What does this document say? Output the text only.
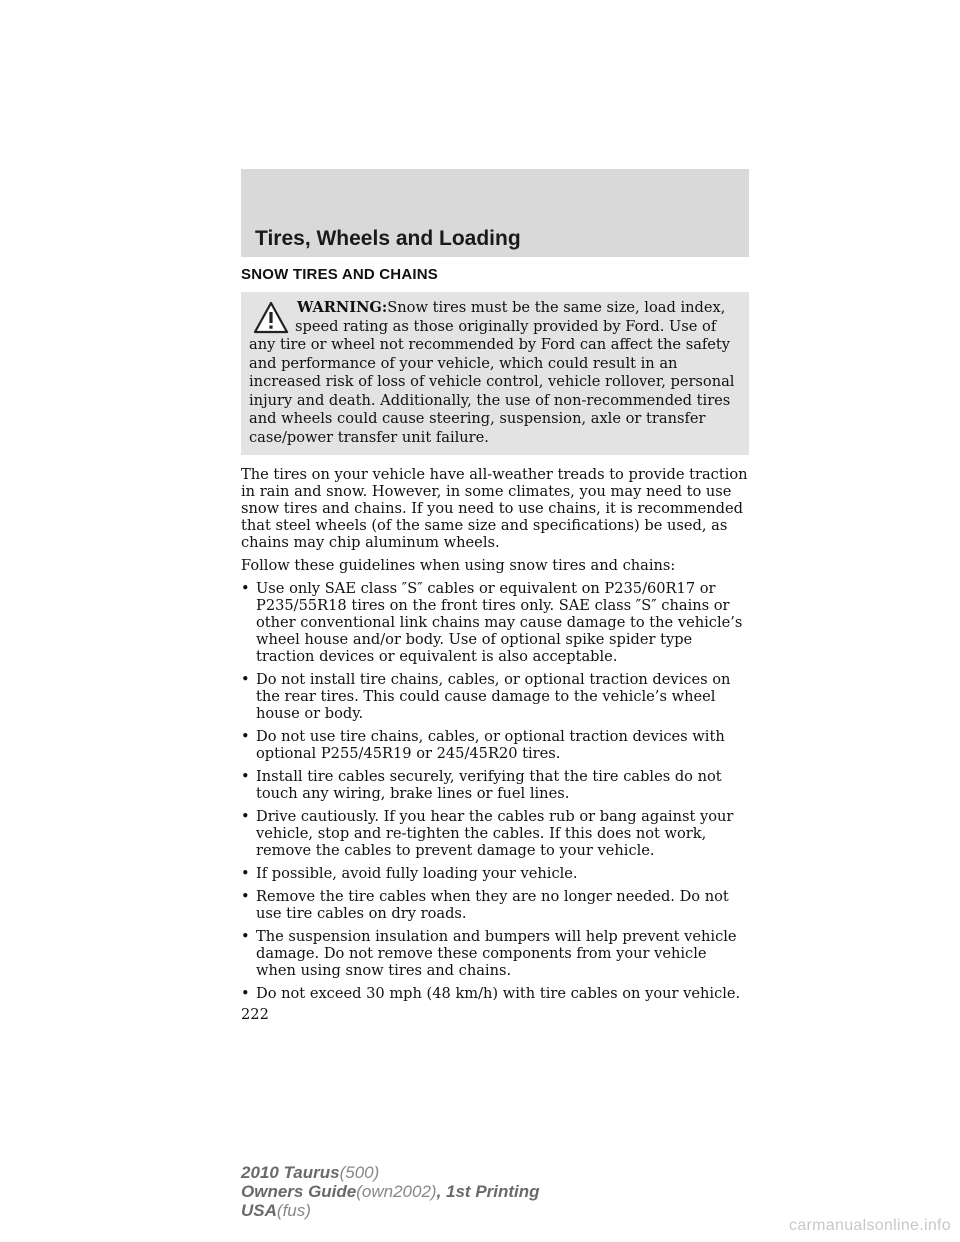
Tires, Wheels and Loading
SNOW TIRES AND CHAINS
WARNING:Snow tires must be the same size, load index, speed rating as those originally provided by Ford. Use of any tire or wheel not recommended by Ford can affect the safety and performance of your vehicle, which could result in an increased risk of loss of vehicle control, vehicle rollover, personal injury and death. Additionally, the use of non-recommended tires and wheels could cause steering, suspension, axle or transfer case/power transfer unit failure.

The tires on your vehicle have all-weather treads to provide traction in rain and snow. However, in some climates, you may need to use snow tires and chains. If you need to use chains, it is recommended that steel wheels (of the same size and specifications) be used, as chains may chip aluminum wheels.

Follow these guidelines when using snow tires and chains:

• Use only SAE class ″S″ cables or equivalent on P235/60R17 or P235/55R18 tires on the front tires only. SAE class ″S″ chains or other conventional link chains may cause damage to the vehicle’s wheel house and/or body. Use of optional spike spider type traction devices or equivalent is also acceptable.
• Do not install tire chains, cables, or optional traction devices on the rear tires. This could cause damage to the vehicle’s wheel house or body.
• Do not use tire chains, cables, or optional traction devices with optional P255/45R19 or 245/45R20 tires.
• Install tire cables securely, verifying that the tire cables do not touch any wiring, brake lines or fuel lines.
• Drive cautiously. If you hear the cables rub or bang against your vehicle, stop and re-tighten the cables. If this does not work, remove the cables to prevent damage to your vehicle.
• If possible, avoid fully loading your vehicle.
• Remove the tire cables when they are no longer needed. Do not use tire cables on dry roads.
• The suspension insulation and bumpers will help prevent vehicle damage. Do not remove these components from your vehicle when using snow tires and chains.
• Do not exceed 30 mph (48 km/h) with tire cables on your vehicle.
222
2010 Taurus(500)
Owners Guide(own2002), 1st Printing
USA(fus)
carmanualsonline.info
